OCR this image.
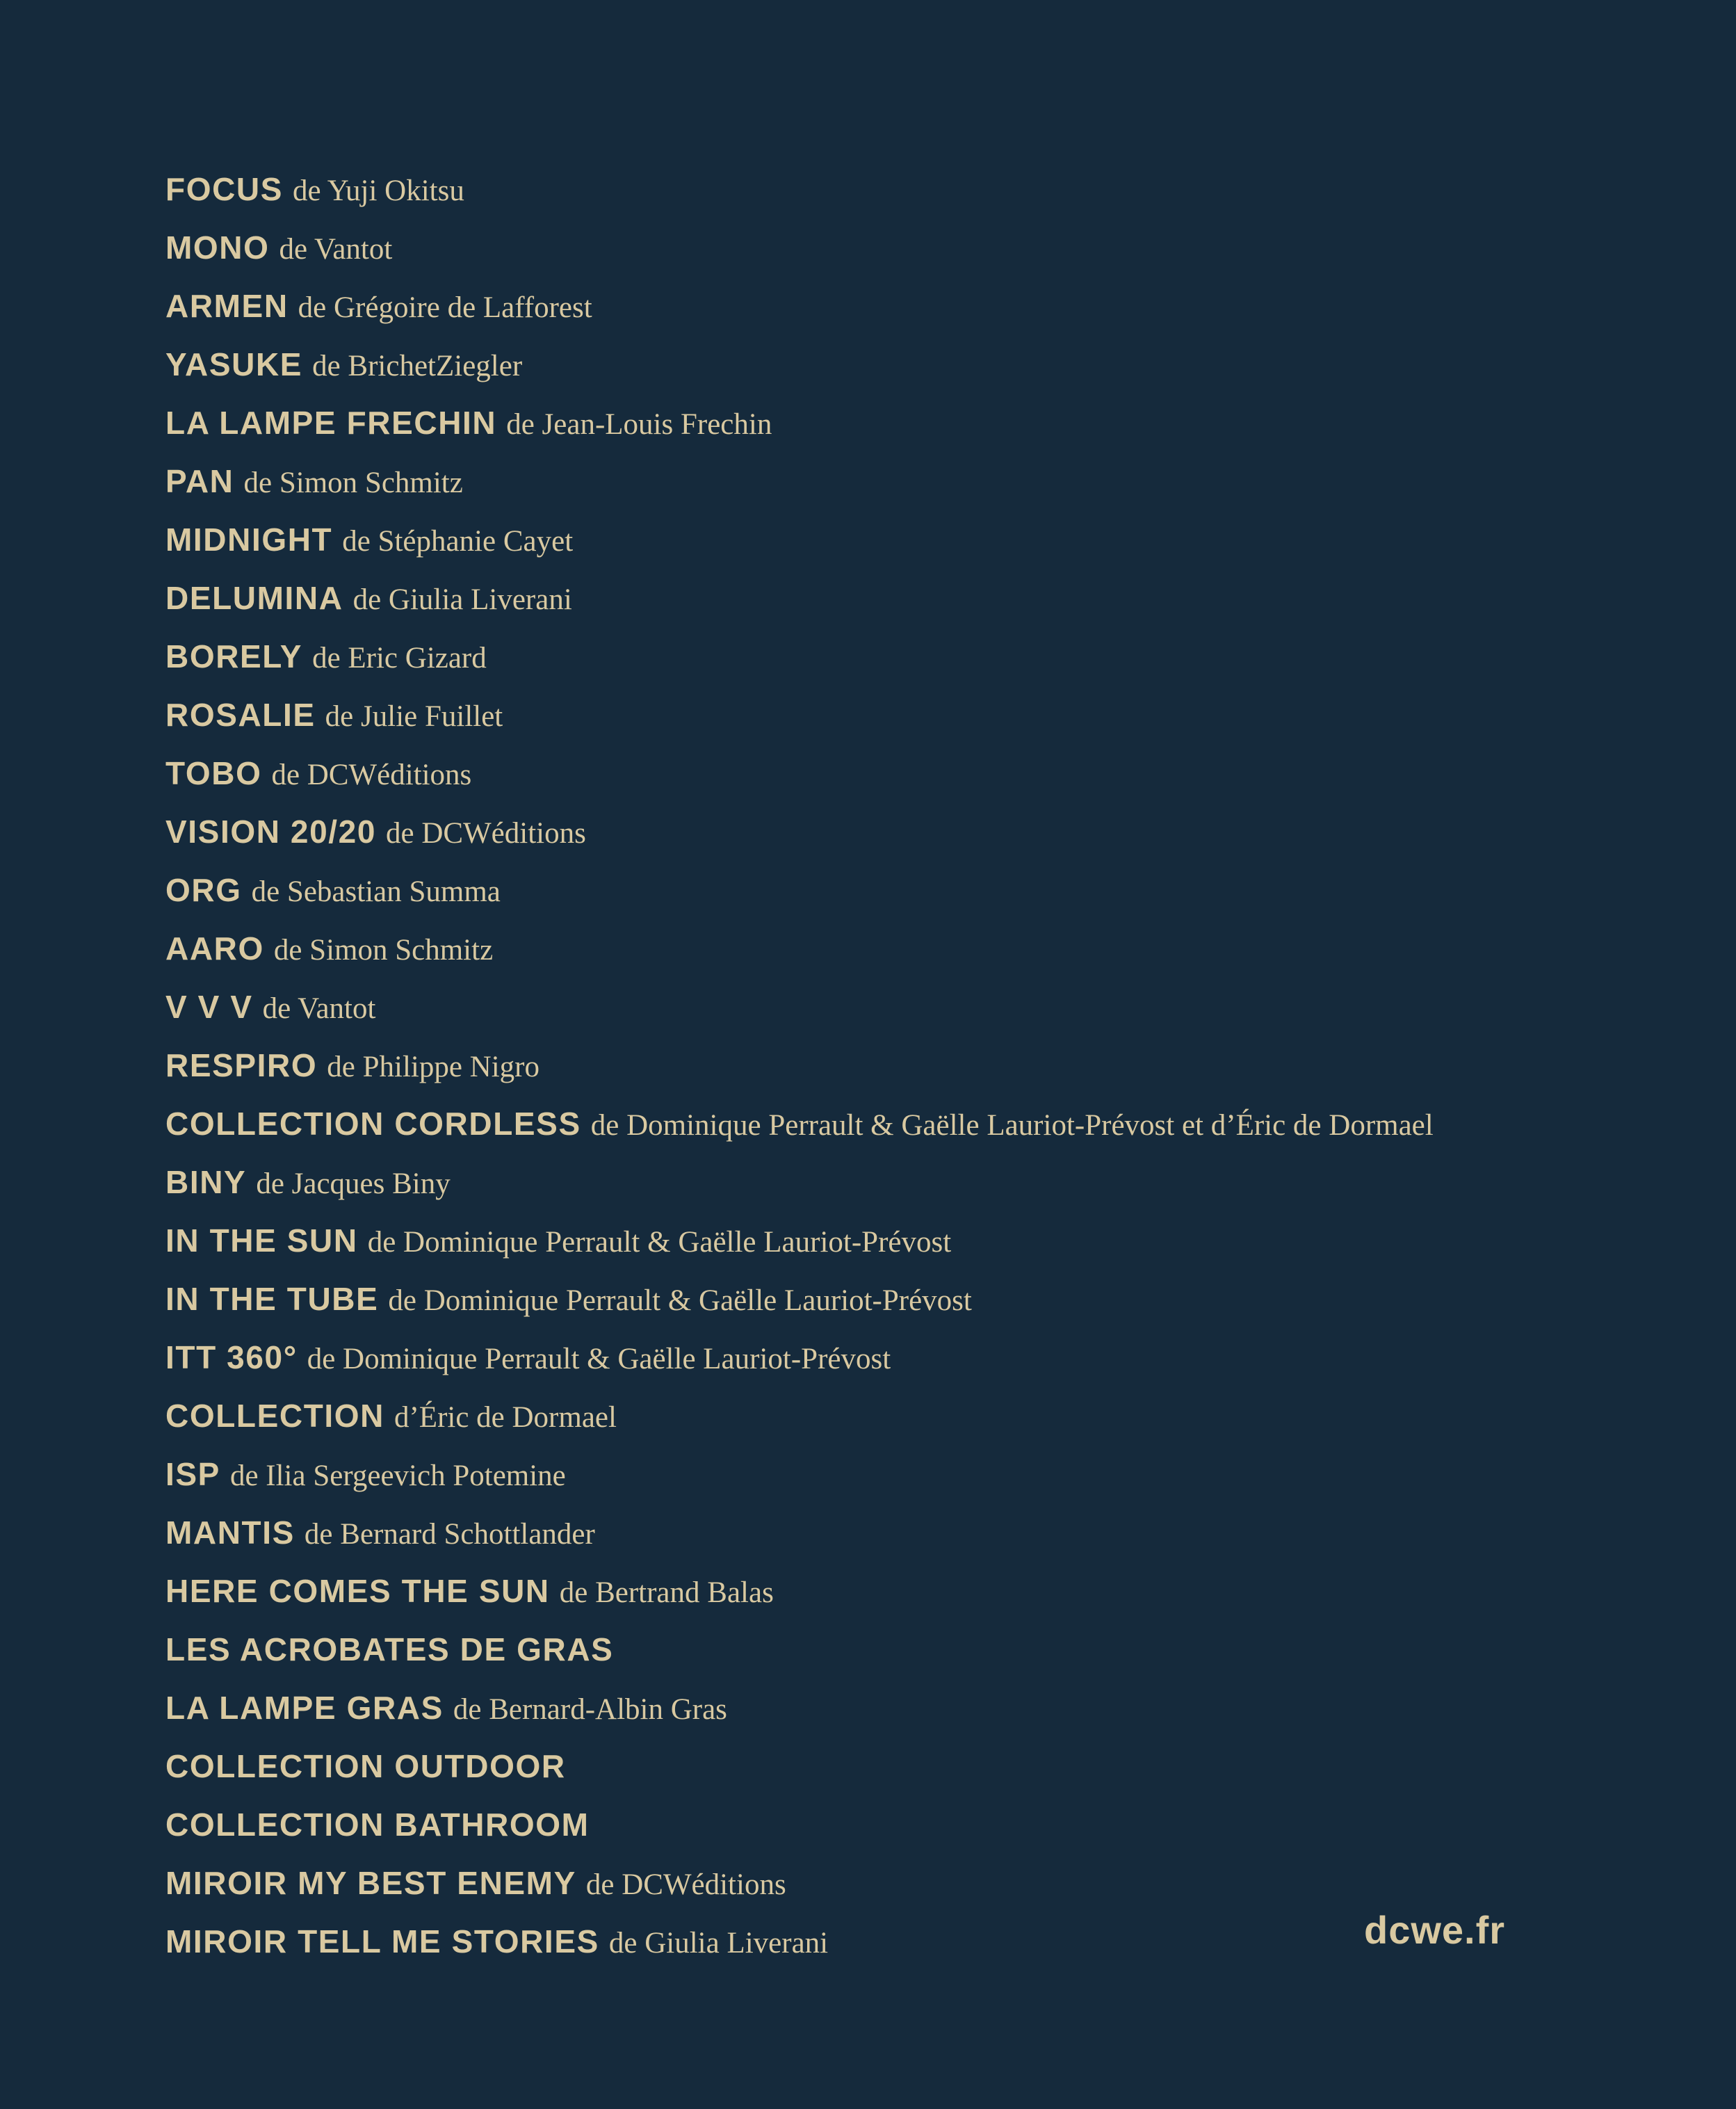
FOCUS de Yuji Okitsu
MONO de Vantot
ARMEN de Grégoire de Lafforest
YASUKE de BrichetZiegler
LA LAMPE FRECHIN de Jean-Louis Frechin
PAN de Simon Schmitz
MIDNIGHT de Stéphanie Cayet
DELUMINA de Giulia Liverani
BORELY de Eric Gizard
ROSALIE de Julie Fuillet
TOBO de DCWéditions
VISION 20/20 de DCWéditions
ORG de Sebastian Summa
AARO de Simon Schmitz
V V V de Vantot
RESPIRO de Philippe Nigro
COLLECTION CORDLESS de Dominique Perrault & Gaëlle Lauriot-Prévost et d’Éric de Dormael
BINY de Jacques Biny
IN THE SUN de Dominique Perrault & Gaëlle Lauriot-Prévost
IN THE TUBE de Dominique Perrault & Gaëlle Lauriot-Prévost
ITT 360° de Dominique Perrault & Gaëlle Lauriot-Prévost
COLLECTION d’Éric de Dormael
ISP de Ilia Sergeevich Potemine
MANTIS de Bernard Schottlander
HERE COMES THE SUN de Bertrand Balas
LES ACROBATES DE GRAS
LA LAMPE GRAS de Bernard-Albin Gras
COLLECTION OUTDOOR
COLLECTION BATHROOM
MIROIR MY BEST ENEMY de DCWéditions
MIROIR TELL ME STORIES de Giulia Liverani	dcwe.fr
